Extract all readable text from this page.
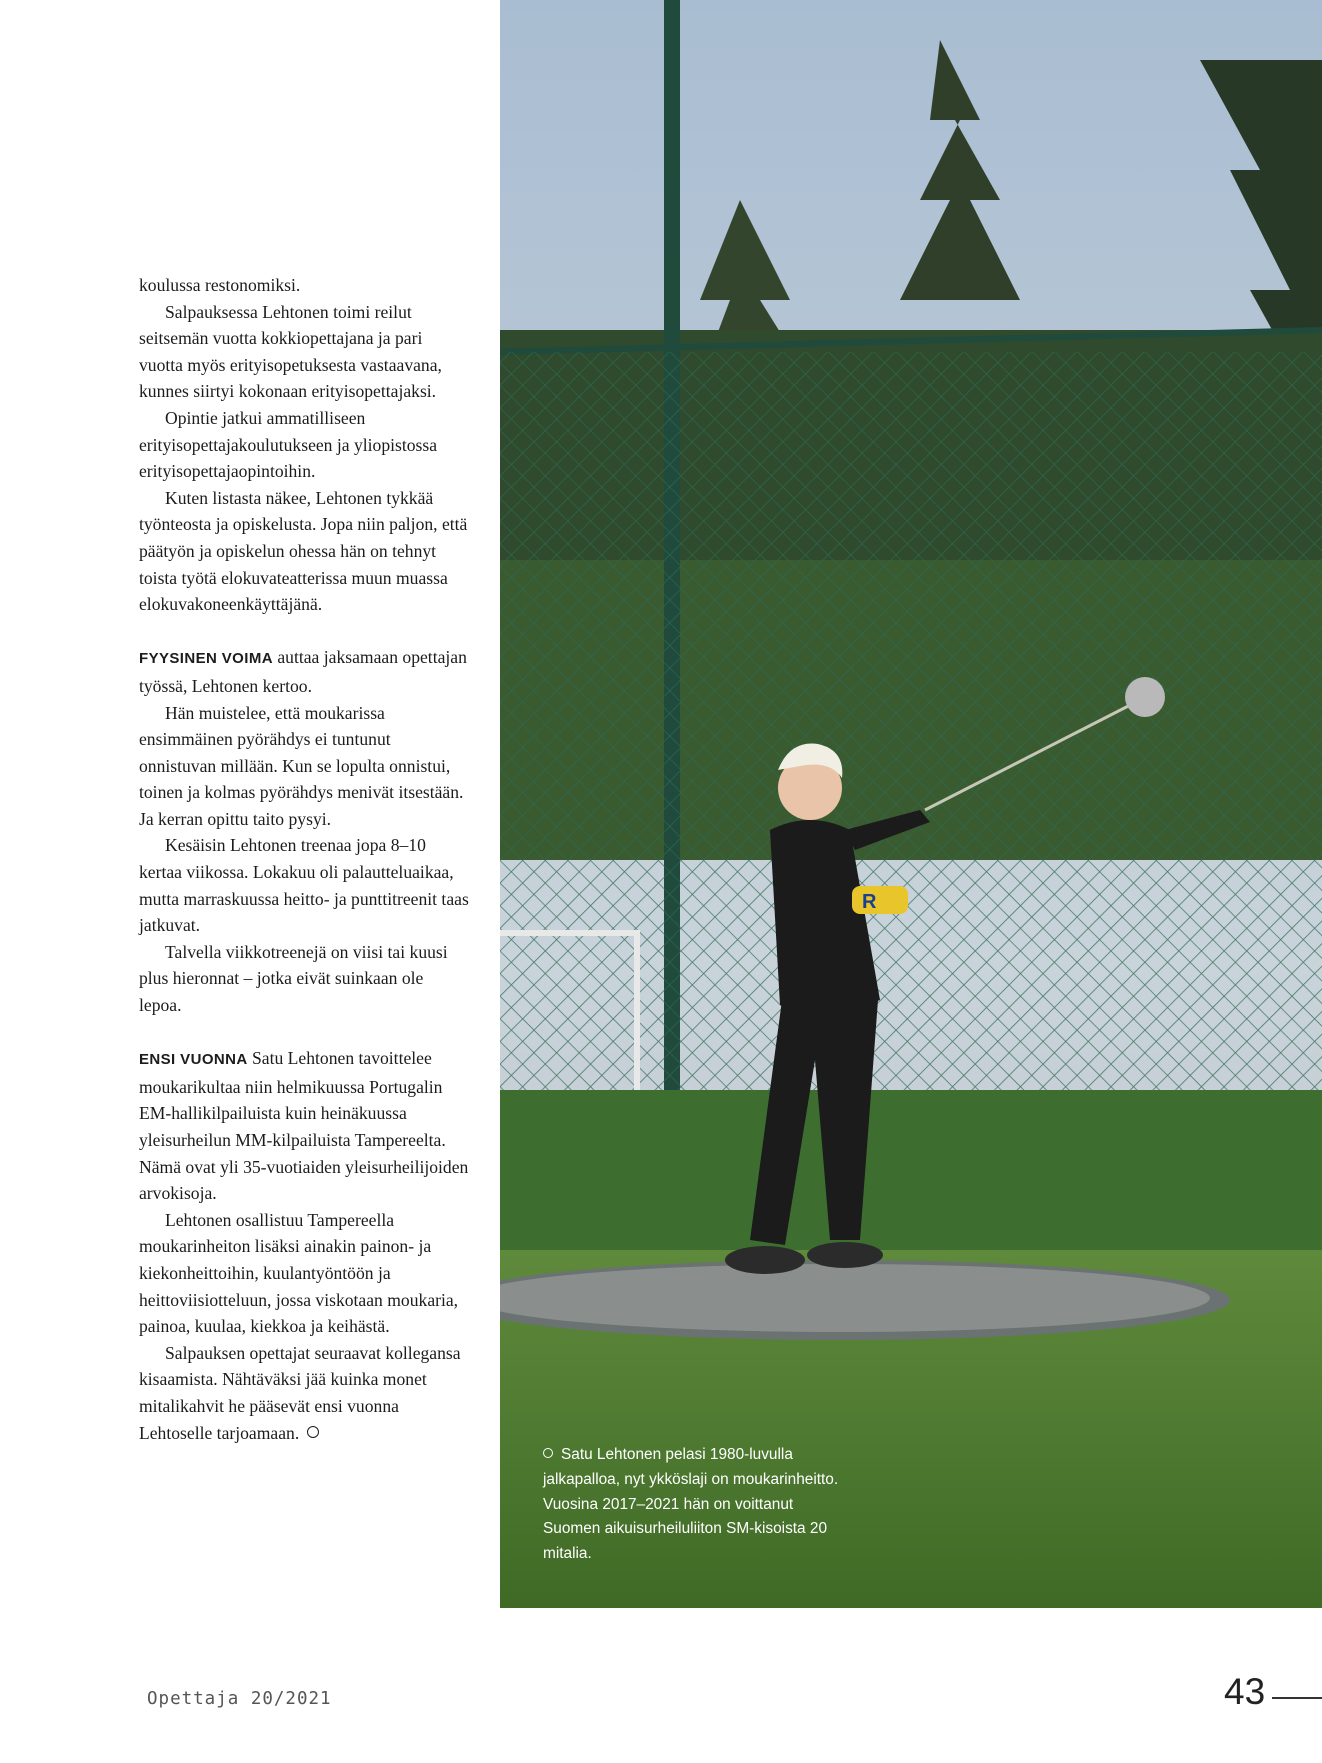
koulussa restonomiksi.

Salpauksessa Lehtonen toimi reilut seitsemän vuotta kokkiopettajana ja pari vuotta myös erityisopetuksesta vastaavana, kunnes siirtyi kokonaan erityisopettajaksi.

Opintie jatkui ammatilliseen erityisopettajakoulutukseen ja yliopistossa erityisopettajaopintoihin.

Kuten listasta näkee, Lehtonen tykkää työnteosta ja opiskelusta. Jopa niin paljon, että päätyön ja opiskelun ohessa hän on tehnyt toista työtä elokuvateatterissa muun muassa elokuvakoneenkäyttäjänä.

FYYSINEN VOIMA auttaa jaksamaan opettajan työssä, Lehtonen kertoo.

Hän muistelee, että moukarissa ensimmäinen pyörähdys ei tuntunut onnistuvan millään. Kun se lopulta onnistui, toinen ja kolmas pyörähdys menivät itsestään. Ja kerran opittu taito pysyi.

Kesäisin Lehtonen treenaa jopa 8–10 kertaa viikossa. Lokakuu oli palautteluaikaa, mutta marraskuussa heitto- ja punttitreenit taas jatkuvat.

Talvella viikkotreenejä on viisi tai kuusi plus hieronnat – jotka eivät suinkaan ole lepoa.

ENSI VUONNA Satu Lehtonen tavoittelee moukarikultaa niin helmikuussa Portugalin EM-hallikilpailuista kuin heinäkuussa yleisurheilun MM-kilpailuista Tampereelta. Nämä ovat yli 35-vuotiaiden yleisurheilijoiden arvokisoja.

Lehtonen osallistuu Tampereella moukarinheiton lisäksi ainakin painon- ja kiekonheittoihin, kuulantyöntöön ja heittoviisiotteluun, jossa viskotaan moukaria, painoa, kuulaa, kiekkoa ja keihästä.

Salpauksen opettajat seuraavat kollegansa kisaamista. Nähtäväksi jää kuinka monet mitalikahvit he pääsevät ensi vuonna Lehtoselle tarjoamaan.

R
Satu Lehtonen pelasi 1980-luvulla jalkapalloa, nyt ykköslaji on moukarinheitto. Vuosina 2017–2021 hän on voittanut Suomen aikuisurheiluliiton SM-kisoista 20 mitalia.
Opettaja 20/2021	43
